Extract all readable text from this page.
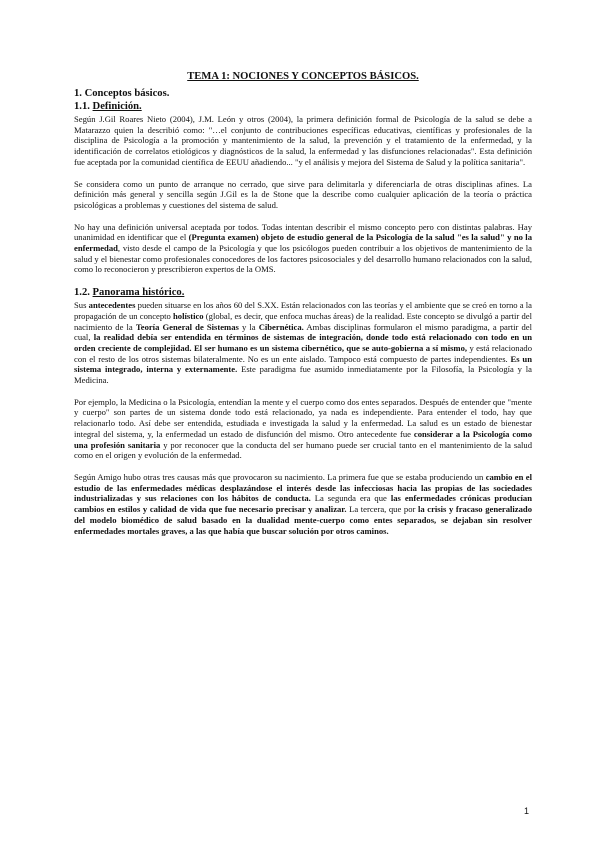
TEMA 1: NOCIONES Y CONCEPTOS BÁSICOS.
1. Conceptos básicos.
1.1. Definición.

Según J.Gil Roares Nieto (2004), J.M. León y otros (2004), la primera definición formal de Psicología de la salud se debe a Matarazzo quien la describió como: "…el conjunto de contribuciones específicas educativas, científicas y profesionales de la disciplina de Psicología a la promoción y mantenimiento de la salud, la prevención y el tratamiento de la enfermedad, y la identificación de correlatos etiológicos y diagnósticos de la salud, la enfermedad y las disfunciones relacionadas". Esta definición fue aceptada por la comunidad científica de EEUU añadiendo... "y el análisis y mejora del Sistema de Salud y la política sanitaria".

Se considera como un punto de arranque no cerrado, que sirve para delimitarla y diferenciarla de otras disciplinas afines. La definición más general y sencilla según J.Gil es la de Stone que la describe como cualquier aplicación de la teoría o práctica psicológicas a problemas y cuestiones del sistema de salud.

No hay una definición universal aceptada por todos. Todas intentan describir el mismo concepto pero con distintas palabras. Hay unanimidad en identificar que el (Pregunta examen) objeto de estudio general de la Psicología de la salud "es la salud" y no la enfermedad, visto desde el campo de la Psicología y que los psicólogos pueden contribuir a los objetivos de mantenimiento de la salud y el bienestar como profesionales conocedores de los factores psicosociales y del desarrollo humano relacionados con la salud, como lo reconocieron y prescribieron expertos de la OMS.

1.2. Panorama histórico.

Sus antecedentes pueden situarse en los años 60 del S.XX. Están relacionados con las teorías y el ambiente que se creó en torno a la propagación de un concepto holístico (global, es decir, que enfoca muchas áreas) de la realidad. Este concepto se divulgó a partir del nacimiento de la Teoría General de Sistemas y la Cibernética. Ambas disciplinas formularon el mismo paradigma, a partir del cual, la realidad debía ser entendida en términos de sistemas de integración, donde todo está relacionado con todo en un orden creciente de complejidad. El ser humano es un sistema cibernético, que se auto-gobierna a sí mismo, y está relacionado con el resto de los otros sistemas bilateralmente. No es un ente aislado. Tampoco está compuesto de partes independientes. Es un sistema integrado, interna y externamente. Este paradigma fue asumido inmediatamente por la Filosofía, la Psicología y la Medicina.

Por ejemplo, la Medicina o la Psicología, entendían la mente y el cuerpo como dos entes separados. Después de entender que "mente y cuerpo" son partes de un sistema donde todo está relacionado, ya nada es independiente. Para entender el todo, hay que relacionarlo todo. Así debe ser entendida, estudiada e investigada la salud y la enfermedad. La salud es un estado de bienestar integral del sistema, y, la enfermedad un estado de disfunción del mismo. Otro antecedente fue considerar a la Psicología como una profesión sanitaria y por reconocer que la conducta del ser humano puede ser crucial tanto en el mantenimiento de la salud como en el origen y evolución de la enfermedad.

Según Amigo hubo otras tres causas más que provocaron su nacimiento. La primera fue que se estaba produciendo un cambio en el estudio de las enfermedades médicas desplazándose el interés desde las infecciosas hacia las propias de las sociedades industrializadas y sus relaciones con los hábitos de conducta. La segunda era que las enfermedades crónicas producían cambios en estilos y calidad de vida que fue necesario precisar y analizar. La tercera, que por la crisis y fracaso generalizado del modelo biomédico de salud basado en la dualidad mente-cuerpo como entes separados, se dejaban sin resolver enfermedades mortales graves, a las que había que buscar solución por otros caminos.

1
